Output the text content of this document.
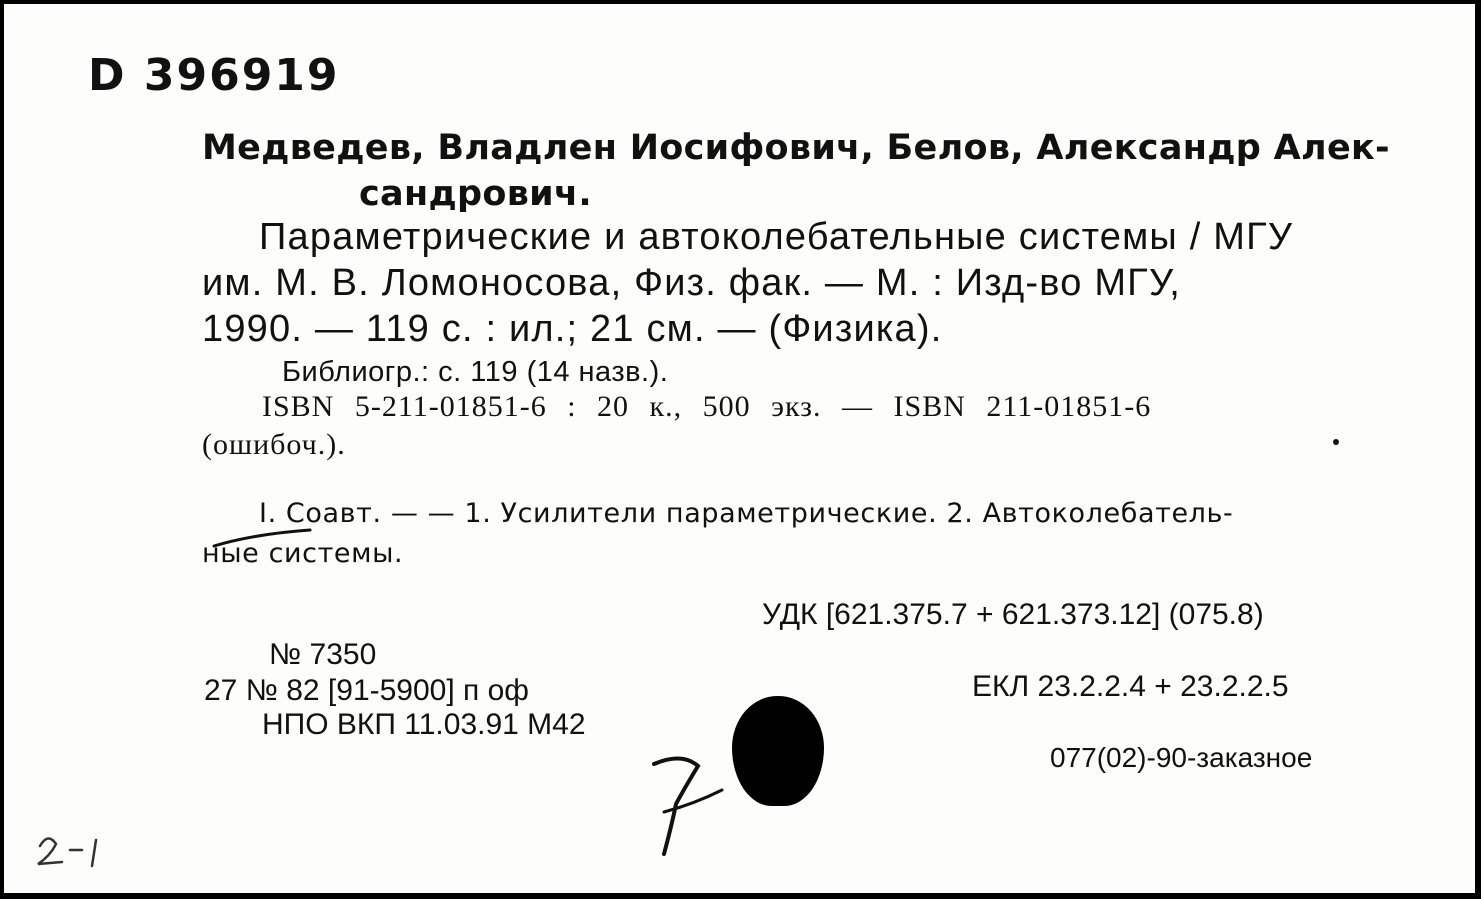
D 396919
Медведев, Владлен Иосифович, Белов, Александр Алек-
сандрович.
Параметрические и автоколебательные системы / МГУ
им. М. В. Ломоносова, Физ. фак. — М. : Изд-во МГУ,
1990. — 119 с. : ил.; 21 см. — (Физика).
Библиогр.: с. 119 (14 назв.).
ISBN 5-211-01851-6 : 20 к., 500 экз. — ISBN 211-01851-6
(ошибоч.).
I. Соавт. — — 1. Усилители параметрические. 2. Автоколебатель-
ные системы.
УДК [621.375.7 + 621.373.12] (075.8)
ЕКЛ 23.2.2.4 + 23.2.2.5
077(02)-90-заказное
№ 7350
27 № 82 [91-5900] п оф
НПО ВКП 11.03.91 М42
